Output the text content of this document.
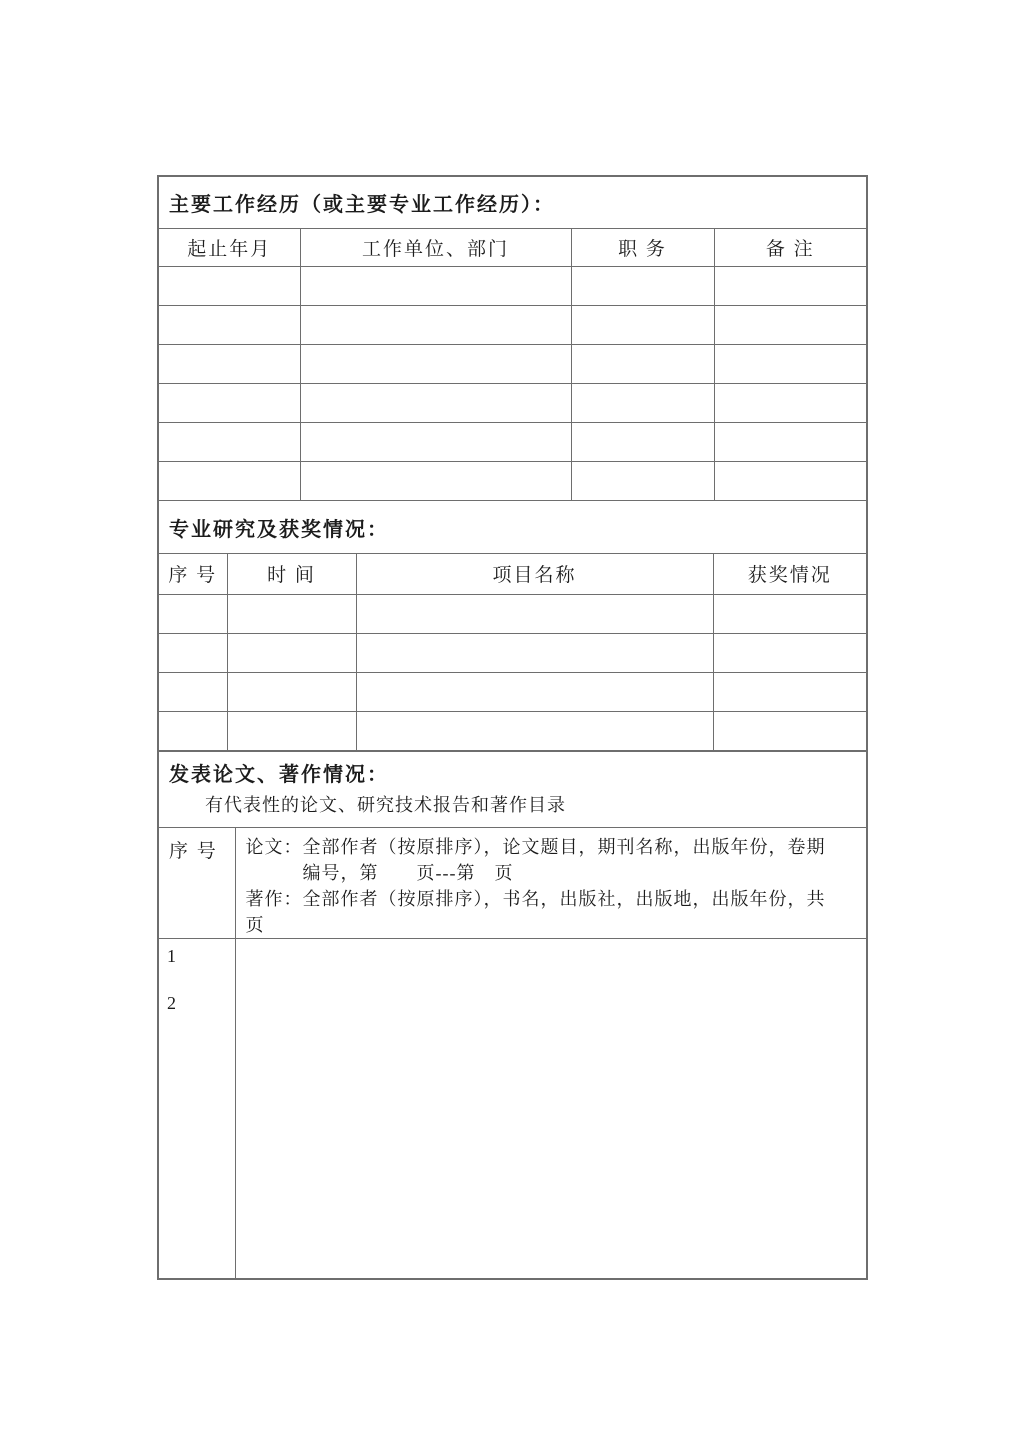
主要工作经历（或主要专业工作经历）：
起止年月	工作单位、部门	职 务	备 注

专业研究及获奖情况：
序 号	时 间	项目名称	获奖情况

发表论文、著作情况：
有代表性的论文、研究技术报告和著作目录
序 号	论文：全部作者（按原排序），论文题目，期刊名称，出版年份，卷期
编号，第　　页---第　页
著作：全部作者（按原排序），书名，出版社，出版地，出版年份，共
页

1
2	
